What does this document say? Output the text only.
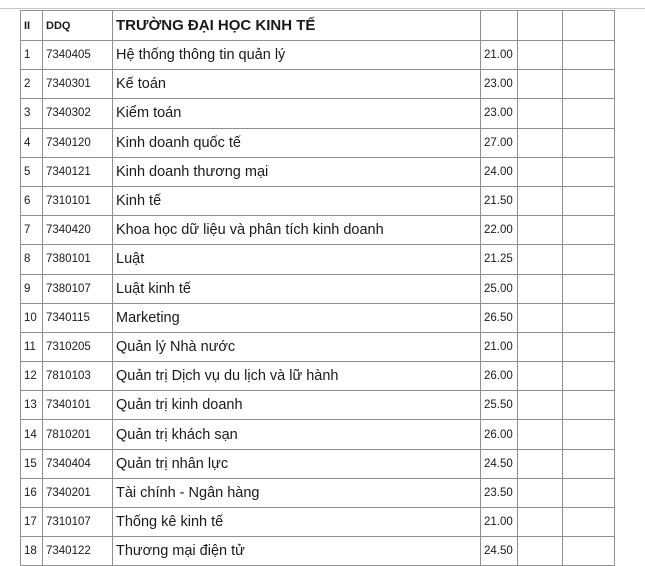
II	DDQ	TRƯỜNG ĐẠI HỌC KINH TẾ			
1	7340405	Hệ thống thông tin quản lý	21.00		
2	7340301	Kế toán	23.00		
3	7340302	Kiểm toán	23.00		
4	7340120	Kinh doanh quốc tế	27.00		
5	7340121	Kinh doanh thương mại	24.00		
6	7310101	Kinh tế	21.50		
7	7340420	Khoa học dữ liệu và phân tích kinh doanh	22.00		
8	7380101	Luật	21.25		
9	7380107	Luật kinh tế	25.00		
10	7340115	Marketing	26.50		
11	7310205	Quản lý Nhà nước	21.00		
12	7810103	Quản trị Dịch vụ du lịch và lữ hành	26.00		
13	7340101	Quản trị kinh doanh	25.50		
14	7810201	Quản trị khách sạn	26.00		
15	7340404	Quản trị nhân lực	24.50		
16	7340201	Tài chính - Ngân hàng	23.50		
17	7310107	Thống kê kinh tế	21.00		
18	7340122	Thương mại điện tử	24.50		
